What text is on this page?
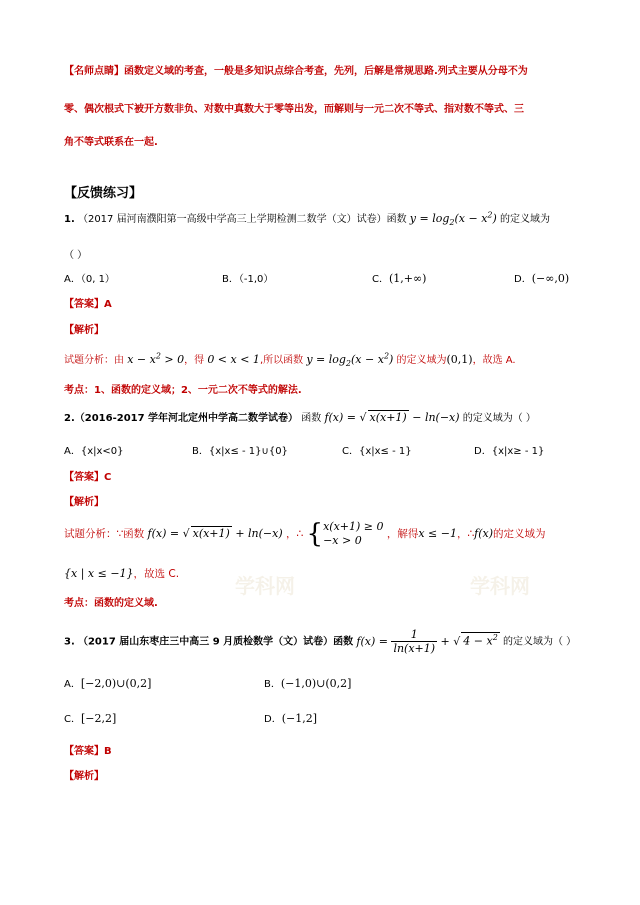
学科网	学科网
【名师点睛】函数定义域的考查，一般是多知识点综合考查，先列，后解是常规思路.列式主要从分母不为
零、偶次根式下被开方数非负、对数中真数大于零等出发，而解则与一元二次不等式、指对数不等式、三
角不等式联系在一起.
【反馈练习】
1. （2017 届河南濮阳第一高级中学高三上学期检测二数学（文）试卷）函数 $y = \log_2(x - x^2)$ 的定义域为
（ ）
A．（0, 1）	B．（-1,0）	C．(1,+∞)	D．(−∞,0)
【答案】A
【解析】
试题分析：由 $x - x^2 > 0$，得 0 < x < 1,所以函数 $y = \log_2(x - x^2)$ 的定义域为(0,1)，故选 A.
考点：1、函数的定义域；2、一元二次不等式的解法.
2.（2016-2017 学年河北定州中学高二数学试卷） 函数 f(x) = √ x(x+1) − ln(−x) 的定义域为（ ）
A．{x|x<0}	B．{x|x≤ - 1}∪{0}	C．{x|x≤ - 1}	D．{x|x≥ - 1}
【答案】C
【解析】
试题分析：∵函数 f(x) = √ x(x+1) + ln(−x) ，∴ {x(x+1) ≥ 0
−x > 0 ，解得x ≤ −1，∴f(x)的定义域为
{x | x ≤ −1}，故选 C.
考点：函数的定义域.
3. （2017 届山东枣庄三中高三 9 月质检数学（文）试卷）函数 $f(x) = \frac{1}{\ln(x+1)}$ + √ $4 - x^2$ 的定义域为（ ）
A．[−2,0)∪(0,2]	B．(−1,0)∪(0,2]
C．[−2,2]	D．(−1,2]
【答案】B
【解析】
